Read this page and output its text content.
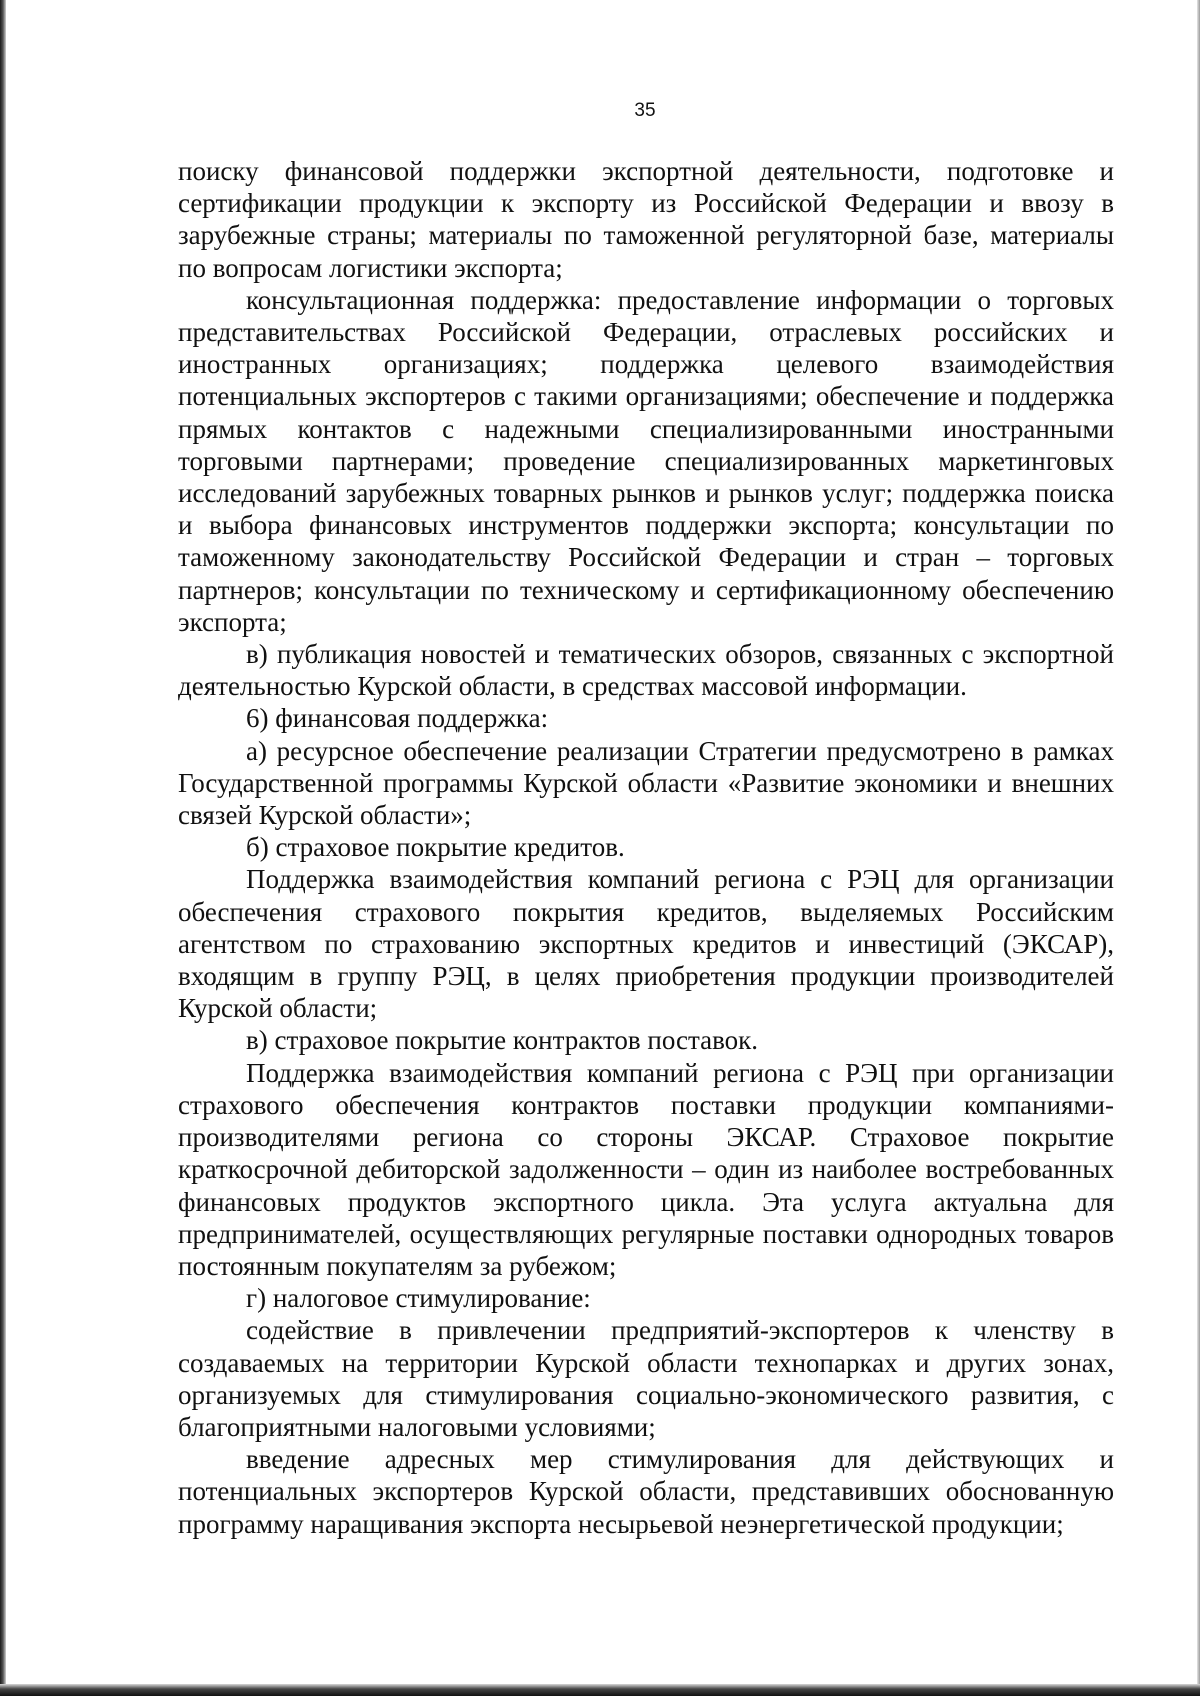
35

поиску финансовой поддержки экспортной деятельности, подготовке и сертификации продукции к экспорту из Российской Федерации и ввозу в зарубежные страны; материалы по таможенной регуляторной базе, материалы по вопросам логистики экспорта;

консультационная поддержка: предоставление информации о торговых представительствах Российской Федерации, отраслевых российских и иностранных организациях; поддержка целевого взаимодействия потенциальных экспортеров с такими организациями; обеспечение и поддержка прямых контактов с надежными специализированными иностранными торговыми партнерами; проведение специализированных маркетинговых исследований зарубежных товарных рынков и рынков услуг; поддержка поиска и выбора финансовых инструментов поддержки экспорта; консультации по таможенному законодательству Российской Федерации и стран – торговых партнеров; консультации по техническому и сертификационному обеспечению экспорта;

в) публикация новостей и тематических обзоров, связанных с экспортной деятельностью Курской области, в средствах массовой информации.

6) финансовая поддержка:

а) ресурсное обеспечение реализации Стратегии предусмотрено в рамках Государственной программы Курской области «Развитие экономики и внешних связей Курской области»;

б) страховое покрытие кредитов.

Поддержка взаимодействия компаний региона с РЭЦ для организации обеспечения страхового покрытия кредитов, выделяемых Российским агентством по страхованию экспортных кредитов и инвестиций (ЭКСАР), входящим в группу РЭЦ, в целях приобретения продукции производителей Курской области;

в) страховое покрытие контрактов поставок.

Поддержка взаимодействия компаний региона с РЭЦ при организации страхового обеспечения контрактов поставки продукции компаниями-производителями региона со стороны ЭКСАР. Страховое покрытие краткосрочной дебиторской задолженности – один из наиболее востребованных финансовых продуктов экспортного цикла. Эта услуга актуальна для предпринимателей, осуществляющих регулярные поставки однородных товаров постоянным покупателям за рубежом;

г) налоговое стимулирование:

содействие в привлечении предприятий-экспортеров к членству в создаваемых на территории Курской области технопарках и других зонах, организуемых для стимулирования социально-экономического развития, с благоприятными налоговыми условиями;

введение адресных мер стимулирования для действующих и потенциальных экспортеров Курской области, представивших обоснованную программу наращивания экспорта несырьевой неэнергетической продукции;
